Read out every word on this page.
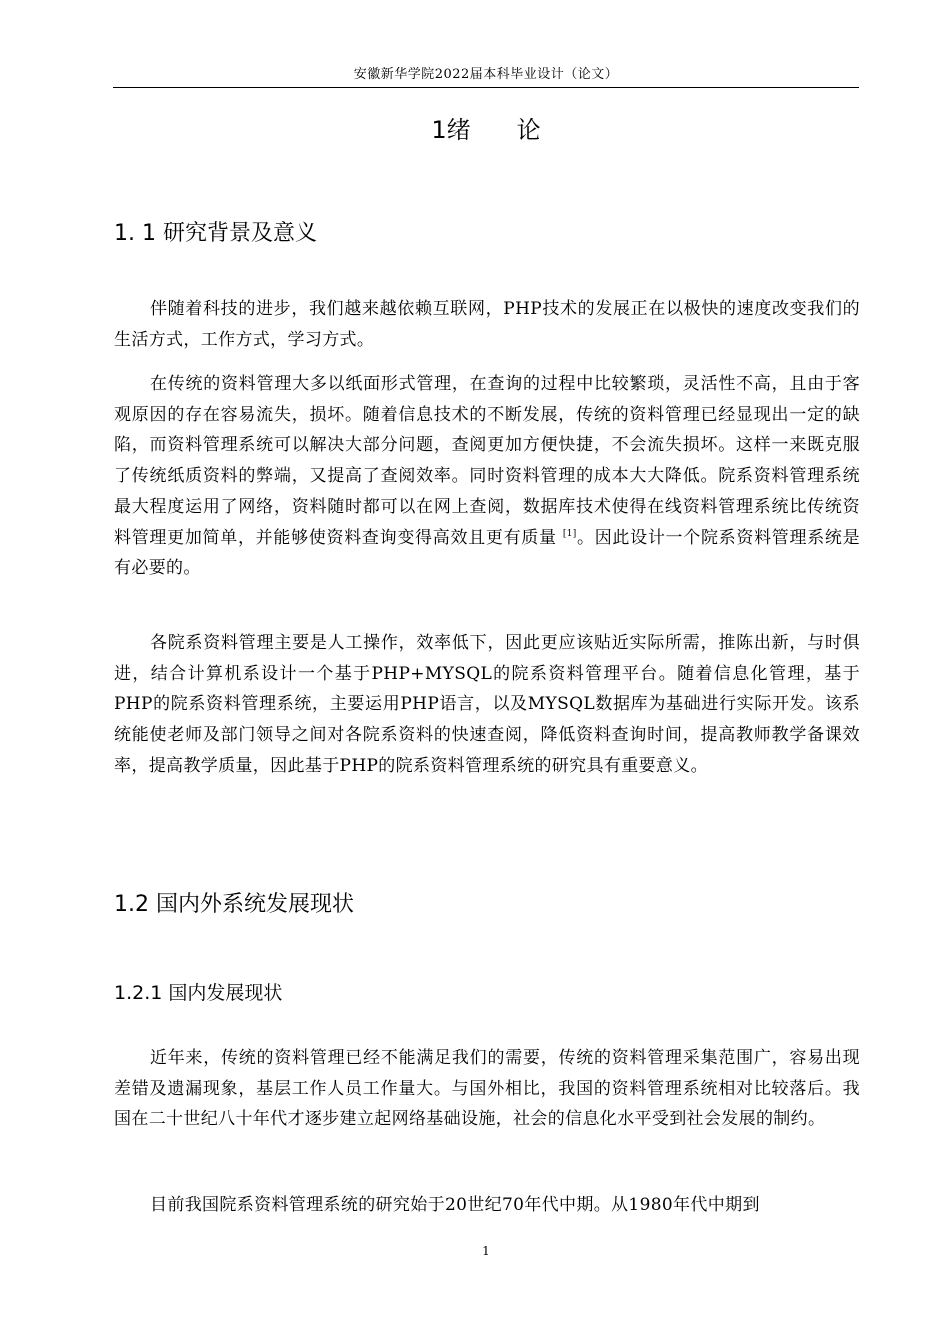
安徽新华学院2022届本科毕业设计（论文）
1绪 论
1. 1 研究背景及意义

伴随着科技的进步，我们越来越依赖互联网，PHP技术的发展正在以极快的速度改变我们的生活方式，工作方式，学习方式。

在传统的资料管理大多以纸面形式管理，在查询的过程中比较繁琐，灵活性不高，且由于客观原因的存在容易流失，损坏。随着信息技术的不断发展，传统的资料管理已经显现出一定的缺陷，而资料管理系统可以解决大部分问题，查阅更加方便快捷，不会流失损坏。这样一来既克服了传统纸质资料的弊端，又提高了查阅效率。同时资料管理的成本大大降低。院系资料管理系统最大程度运用了网络，资料随时都可以在网上查阅，数据库技术使得在线资料管理系统比传统资料管理更加简单，并能够使资料查询变得高效且更有质量 [1]。因此设计一个院系资料管理系统是有必要的。

各院系资料管理主要是人工操作，效率低下，因此更应该贴近实际所需，推陈出新，与时俱进，结合计算机系设计一个基于PHP+MYSQL的院系资料管理平台。随着信息化管理，基于PHP的院系资料管理系统，主要运用PHP语言，以及MYSQL数据库为基础进行实际开发。该系统能使老师及部门领导之间对各院系资料的快速查阅，降低资料查询时间，提高教师教学备课效率，提高教学质量，因此基于PHP的院系资料管理系统的研究具有重要意义。

1.2 国内外系统发展现状
1.2.1 国内发展现状

近年来，传统的资料管理已经不能满足我们的需要，传统的资料管理采集范围广，容易出现差错及遗漏现象，基层工作人员工作量大。与国外相比，我国的资料管理系统相对比较落后。我国在二十世纪八十年代才逐步建立起网络基础设施，社会的信息化水平受到社会发展的制约。

目前我国院系资料管理系统的研究始于20世纪70年代中期。从1980年代中期到

1
